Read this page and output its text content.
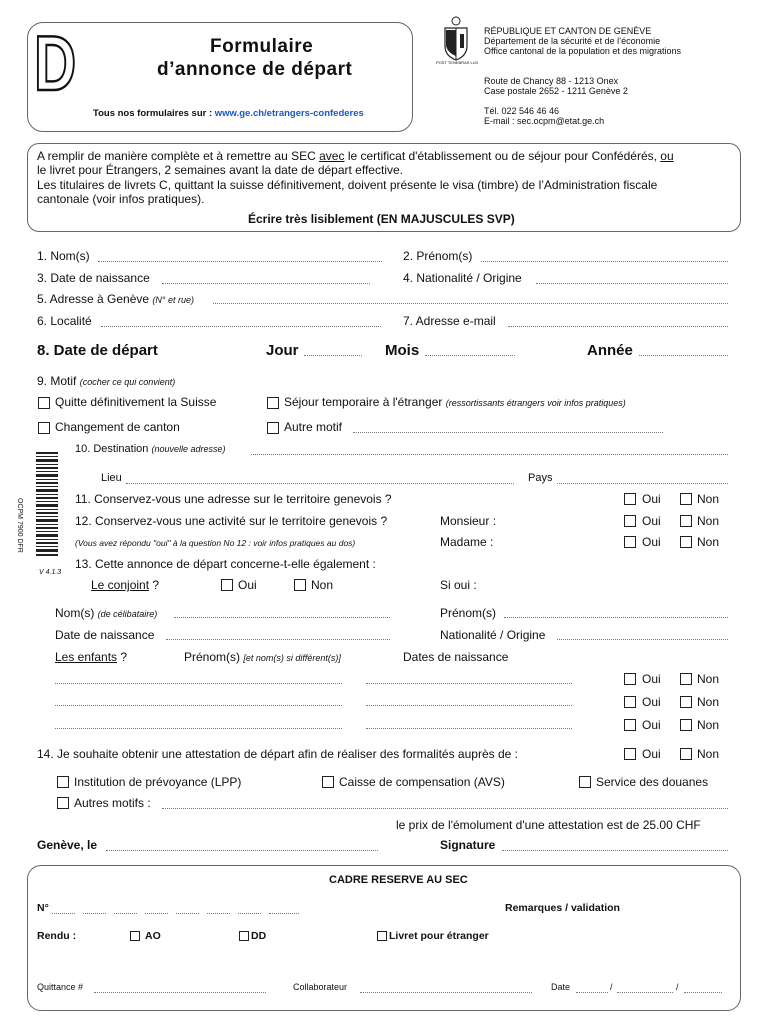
D	Formulaire
d’annonce de départ
Tous nos formulaires sur : www.ge.ch/etrangers-confederes
POST TENEBRAS LUX
RÉPUBLIQUE ET CANTON DE GENÈVE
Département de la sécurité et de l’économie
Office cantonal de la population et des migrations
Route de Chancy 88 - 1213 Onex
Case postale 2652 - 1211 Genève 2
Tél. 022 546 46 46
E-mail : sec.ocpm@etat.ge.ch
A remplir de manière complète et à remettre au SEC avec le certificat d'établissement ou de séjour pour Confédérés, ou
le livret pour Étrangers, 2 semaines avant la date de départ effective.
Les titulaires de livrets C, quittant la suisse définitivement, doivent présente le visa (timbre) de l’Administration fiscale
cantonale (voir infos pratiques).
Écrire très lisiblement (EN MAJUSCULES SVP)
1. Nom(s)	2. Prénom(s)
3. Date de naissance	4. Nationalité / Origine
5. Adresse à Genève (N° et rue)
6. Localité	7. Adresse e-mail
8. Date de départ	Jour	Mois	Année
9. Motif (cocher ce qui convient)
Quitte définitivement la Suisse	Séjour temporaire à l'étranger (ressortissants étrangers voir infos pratiques)
Changement de canton	Autre motif
OCPM 7900 DFR
V 4.1.3
10. Destination (nouvelle adresse)
Lieu	Pays
11. Conservez-vous une adresse sur le territoire genevois ?	Oui	Non
12. Conservez-vous une activité sur le territoire genevois ?	Monsieur :	Oui	Non
(Vous avez répondu "oui" à la question No 12 : voir infos pratiques au dos)	Madame :	Oui	Non
13. Cette annonce de départ concerne-t-elle également :
Le conjoint ?	Oui	Non	Si oui :
Nom(s) (de célibataire)	Prénom(s)
Date de naissance	Nationalité / Origine
Les enfants ?	Prénom(s) [et nom(s) si différent(s)]	Dates de naissance
Oui	Non
Oui	Non
Oui	Non
14. Je souhaite obtenir une attestation de départ afin de réaliser des formalités auprès de :	Oui	Non
Institution de prévoyance (LPP)	Caisse de compensation (AVS)	Service des douanes
Autres motifs :
le prix de l'émolument d'une attestation est de 25.00 CHF
Genève, le	Signature
CADRE RESERVE AU SEC
N°	Remarques / validation
Rendu :	AO	DD	Livret pour étranger
Quittance #	Collaborateur	Date	/	/
